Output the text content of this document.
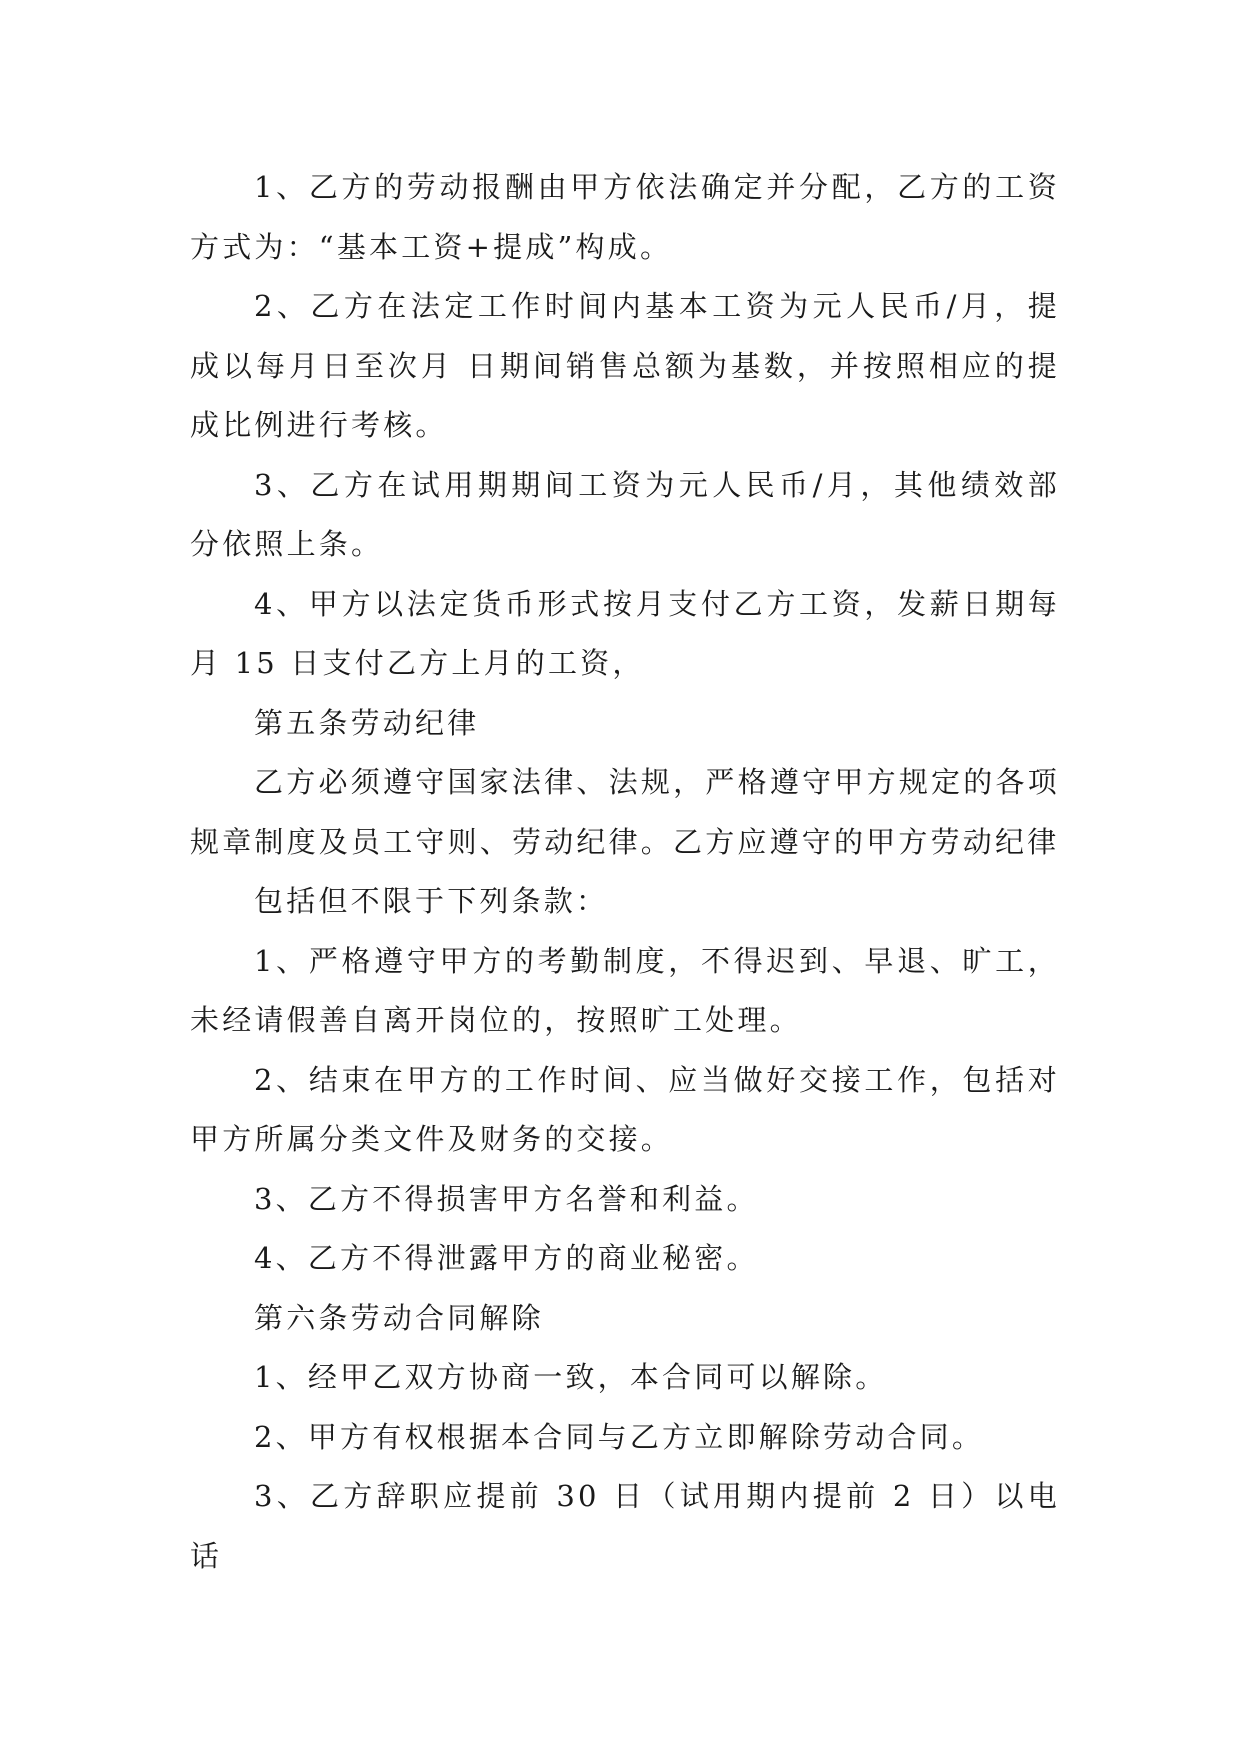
1、乙方的劳动报酬由甲方依法确定并分配，乙方的工资方式为：“基本工资+提成”构成。

2、乙方在法定工作时间内基本工资为元人民币/月，提成以每月日至次月 日期间销售总额为基数，并按照相应的提成比例进行考核。

3、乙方在试用期期间工资为元人民币/月，其他绩效部分依照上条。

4、甲方以法定货币形式按月支付乙方工资，发薪日期每月 15 日支付乙方上月的工资，

第五条劳动纪律

乙方必须遵守国家法律、法规，严格遵守甲方规定的各项规章制度及员工守则、劳动纪律。乙方应遵守的甲方劳动纪律

包括但不限于下列条款：

1、严格遵守甲方的考勤制度，不得迟到、早退、旷工，未经请假善自离开岗位的，按照旷工处理。

2、结束在甲方的工作时间、应当做好交接工作，包括对甲方所属分类文件及财务的交接。

3、乙方不得损害甲方名誉和利益。

4、乙方不得泄露甲方的商业秘密。

第六条劳动合同解除

1、经甲乙双方协商一致，本合同可以解除。

2、甲方有权根据本合同与乙方立即解除劳动合同。

3、乙方辞职应提前 30 日（试用期内提前 2 日）以电话
